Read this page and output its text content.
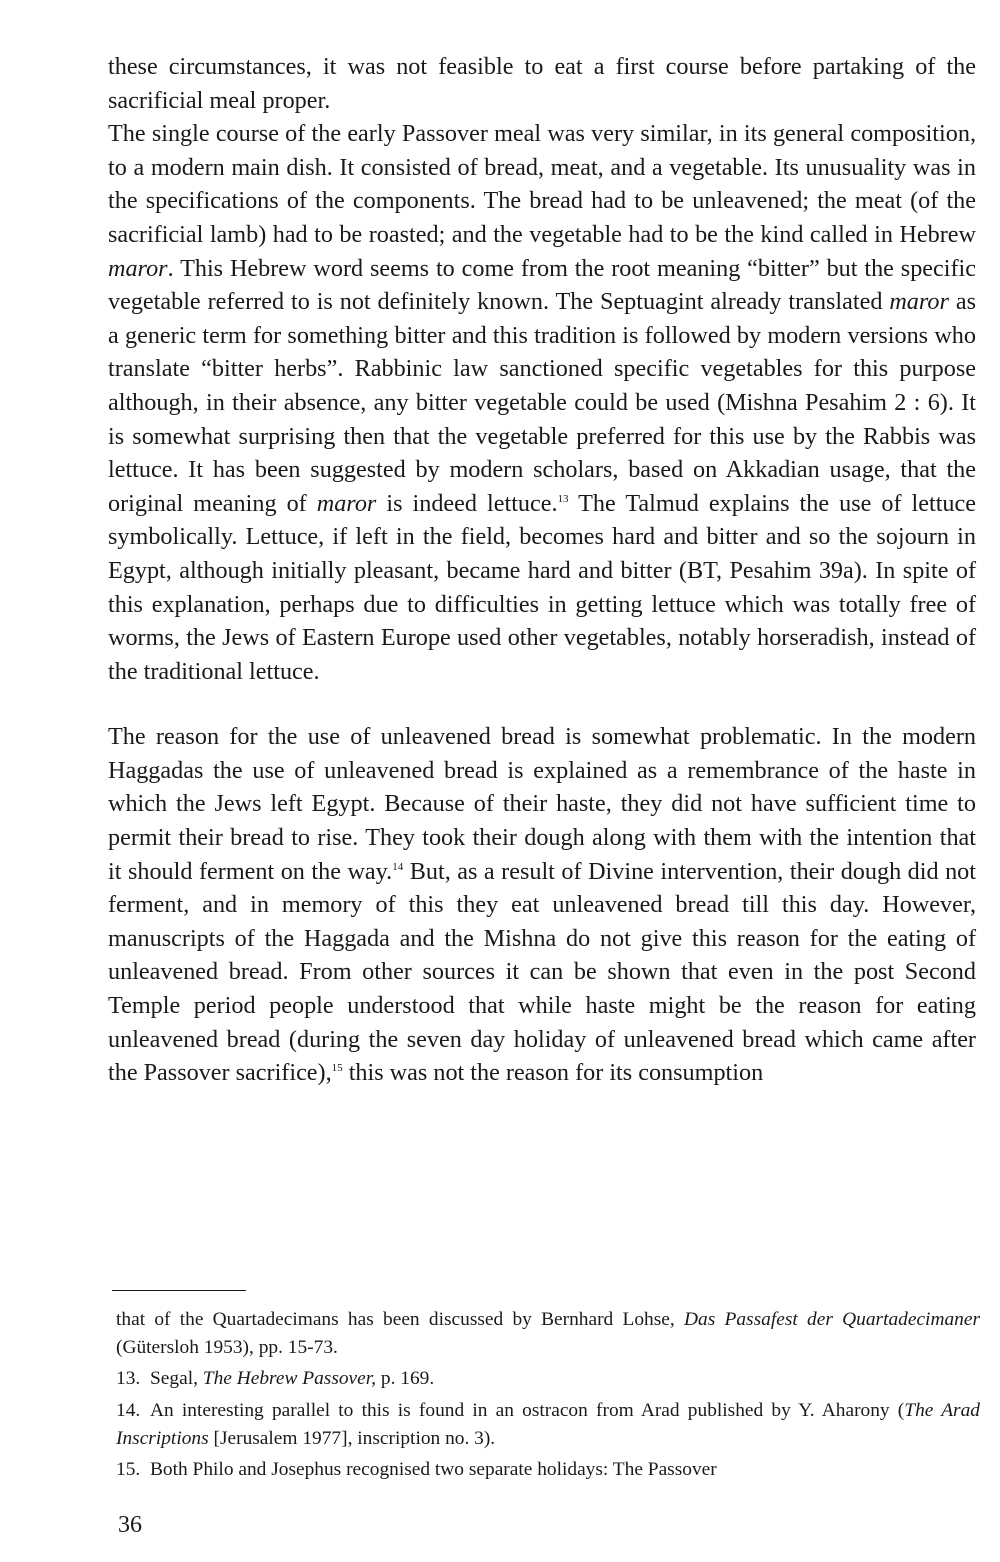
these circumstances, it was not feasible to eat a first course before partaking of the sacrificial meal proper.

The single course of the early Passover meal was very similar, in its general composition, to a modern main dish. It consisted of bread, meat, and a vegetable. Its unusuality was in the specifications of the components. The bread had to be unleavened; the meat (of the sacrificial lamb) had to be roasted; and the vegetable had to be the kind called in Hebrew maror. This Hebrew word seems to come from the root meaning “bitter” but the specific vegetable referred to is not definitely known. The Septuagint already translated maror as a generic term for something bitter and this tradition is followed by modern versions who translate “bitter herbs”. Rabbinic law sanctioned specific vegetables for this purpose although, in their absence, any bitter vegetable could be used (Mishna Pesahim 2 : 6). It is somewhat surprising then that the vegetable preferred for this use by the Rabbis was lettuce. It has been suggested by modern scholars, based on Akkadian usage, that the original meaning of maror is indeed lettuce.$^{13}$ The Talmud explains the use of lettuce symbolically. Lettuce, if left in the field, becomes hard and bitter and so the sojourn in Egypt, although initially pleasant, became hard and bitter (BT, Pesahim 39a). In spite of this explanation, perhaps due to difficulties in getting lettuce which was totally free of worms, the Jews of Eastern Europe used other vegetables, notably horseradish, instead of the traditional lettuce.

The reason for the use of unleavened bread is somewhat problematic. In the modern Haggadas the use of unleavened bread is explained as a remembrance of the haste in which the Jews left Egypt. Because of their haste, they did not have sufficient time to permit their bread to rise. They took their dough along with them with the intention that it should ferment on the way.$^{14}$ But, as a result of Divine intervention, their dough did not ferment, and in memory of this they eat unleavened bread till this day. However, manuscripts of the Haggada and the Mishna do not give this reason for the eating of unleavened bread. From other sources it can be shown that even in the post Second Temple period people understood that while haste might be the reason for eating unleavened bread (during the seven day holiday of unleavened bread which came after the Passover sacrifice),$^{15}$ this was not the reason for its consumption

that of the Quartadecimans has been discussed by Bernhard Lohse, Das Passafest der Quartadecimaner (Gütersloh 1953), pp. 15-73.

13. Segal, The Hebrew Passover, p. 169.

14. An interesting parallel to this is found in an ostracon from Arad published by Y. Aharony (The Arad Inscriptions [Jerusalem 1977], inscription no. 3).

15. Both Philo and Josephus recognised two separate holidays: The Passover

36
